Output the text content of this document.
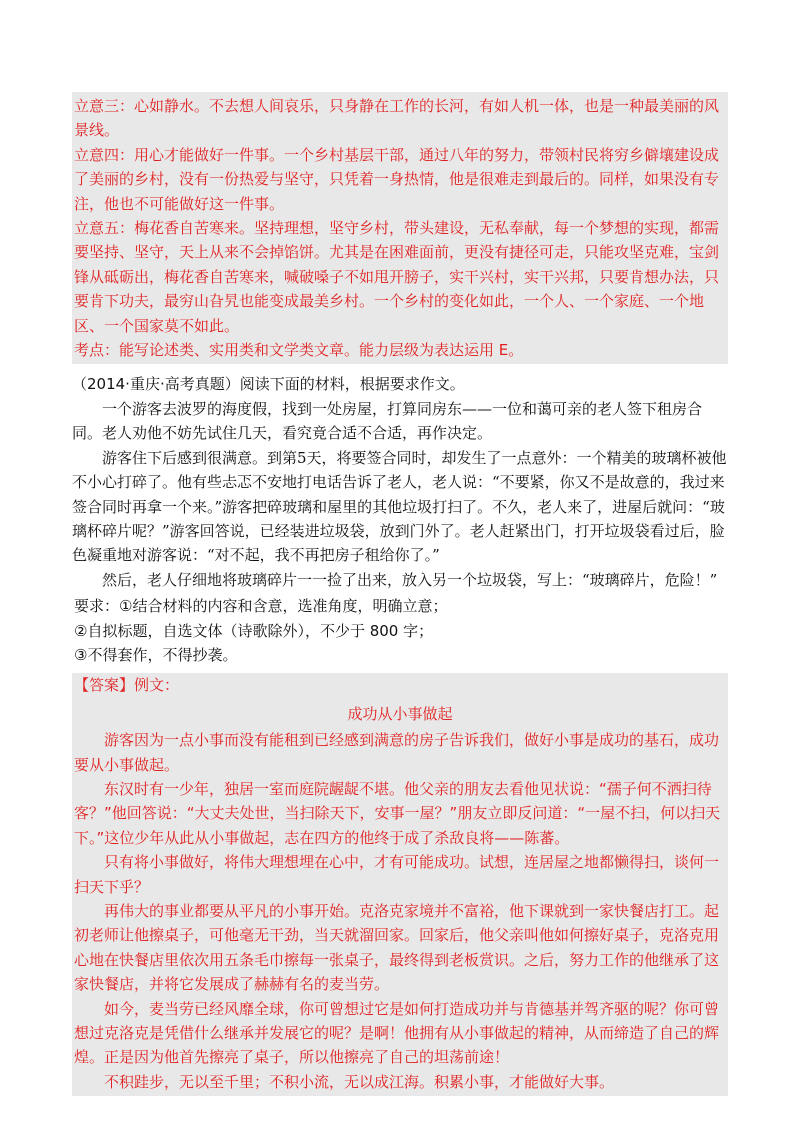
立意三：心如静水。不去想人间哀乐，只身静在工作的长河，有如人机一体，也是一种最美丽的风景线。

立意四：用心才能做好一件事。一个乡村基层干部，通过八年的努力，带领村民将穷乡僻壤建设成了美丽的乡村，没有一份热爱与坚守，只凭着一身热情，他是很难走到最后的。同样，如果没有专注，他也不可能做好这一件事。

立意五：梅花香自苦寒来。坚持理想，坚守乡村，带头建设，无私奉献，每一个梦想的实现，都需要坚持、坚守，天上从来不会掉馅饼。尤其是在困难面前，更没有捷径可走，只能攻坚克难，宝剑锋从砥砺出，梅花香自苦寒来，喊破嗓子不如甩开膀子，实干兴村，实干兴邦，只要肯想办法，只要肯下功夫，最穷山旮旯也能变成最美乡村。一个乡村的变化如此，一个人、一个家庭、一个地区、一个国家莫不如此。

考点：能写论述类、实用类和文学类文章。能力层级为表达运用 E。

（2014·重庆·高考真题）阅读下面的材料，根据要求作文。

一个游客去波罗的海度假，找到一处房屋，打算同房东——一位和蔼可亲的老人签下租房合同。老人劝他不妨先试住几天，看究竟合适不合适，再作决定。

游客住下后感到很满意。到第5天，将要签合同时，却发生了一点意外：一个精美的玻璃杯被他不小心打碎了。他有些忐忑不安地打电话告诉了老人，老人说：“不要紧，你又不是故意的，我过来签合同时再拿一个来。”游客把碎玻璃和屋里的其他垃圾打扫了。不久，老人来了，进屋后就问：“玻璃杯碎片呢？”游客回答说，已经装进垃圾袋，放到门外了。老人赶紧出门，打开垃圾袋看过后，脸色凝重地对游客说：“对不起，我不再把房子租给你了。”

然后，老人仔细地将玻璃碎片一一捡了出来，放入另一个垃圾袋，写上：“玻璃碎片，危险！”

要求：①结合材料的内容和含意，选准角度，明确立意；

②自拟标题，自选文体（诗歌除外），不少于 800 字；

③不得套作，不得抄袭。

【答案】例文：

成功从小事做起

游客因为一点小事而没有能租到已经感到满意的房子告诉我们，做好小事是成功的基石，成功要从小事做起。

东汉时有一少年，独居一室而庭院龌龊不堪。他父亲的朋友去看他见状说：“孺子何不洒扫待客？”他回答说：“大丈夫处世，当扫除天下，安事一屋？”朋友立即反问道：“一屋不扫，何以扫天下。”这位少年从此从小事做起，志在四方的他终于成了杀敌良将——陈蕃。

只有将小事做好，将伟大理想埋在心中，才有可能成功。试想，连居屋之地都懒得扫，谈何一扫天下乎？

再伟大的事业都要从平凡的小事开始。克洛克家境并不富裕，他下课就到一家快餐店打工。起初老师让他擦桌子，可他毫无干劲，当天就溜回家。回家后，他父亲叫他如何擦好桌子，克洛克用心地在快餐店里依次用五条毛巾擦每一张桌子，最终得到老板赏识。之后，努力工作的他继承了这家快餐店，并将它发展成了赫赫有名的麦当劳。

如今，麦当劳已经风靡全球，你可曾想过它是如何打造成功并与肯德基并驾齐驱的呢？你可曾想过克洛克是凭借什么继承并发展它的呢？是啊！他拥有从小事做起的精神，从而缔造了自己的辉煌。正是因为他首先擦亮了桌子，所以他擦亮了自己的坦荡前途！

不积跬步，无以至千里；不积小流，无以成江海。积累小事，才能做好大事。
